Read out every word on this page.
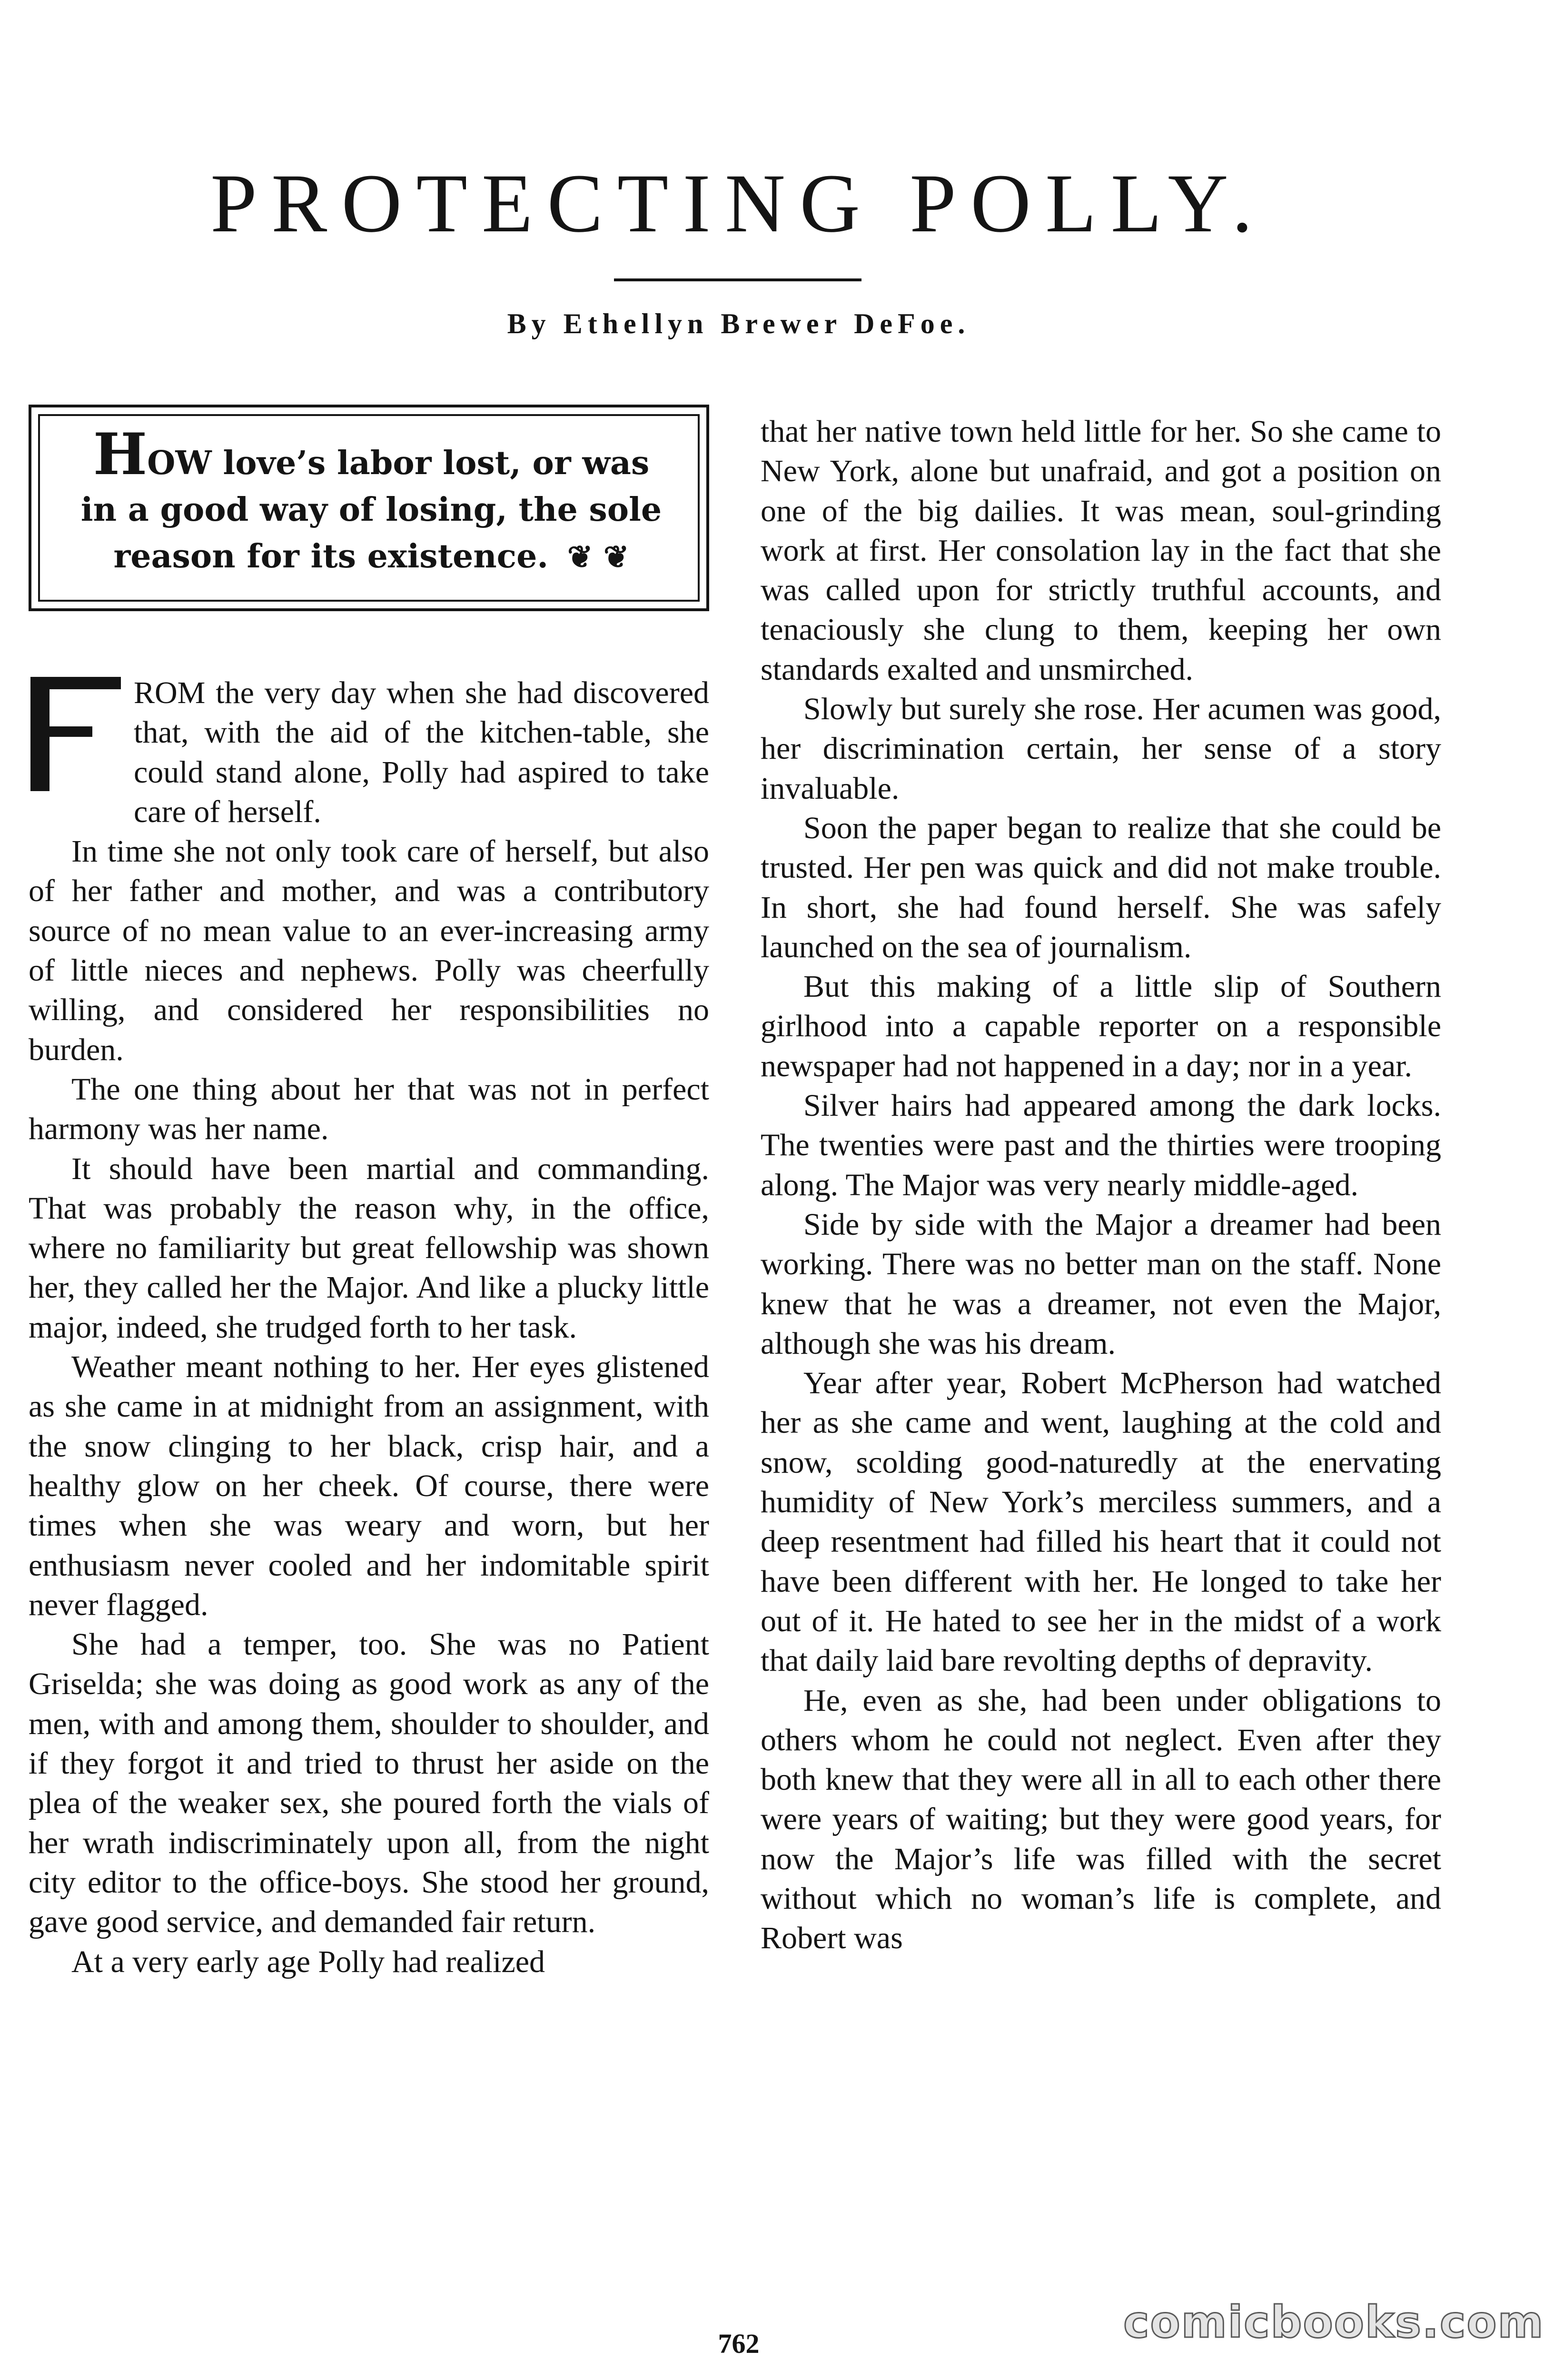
PROTECTING POLLY.
By Ethellyn Brewer DeFoe.
HOW love’s labor lost, or was in a good way of losing, the sole reason for its existence. ❦ ❦

ROM the very day when she had discovered that, with the aid of the kitchen-table, she could stand alone, Polly had aspired to take care of herself.

In time she not only took care of herself, but also of her father and mother, and was a contributory source of no mean value to an ever-increasing army of little nieces and nephews. Polly was cheerfully willing, and considered her responsibilities no burden.

The one thing about her that was not in perfect harmony was her name.

It should have been martial and commanding. That was probably the reason why, in the office, where no familiarity but great fellowship was shown her, they called her the Major. And like a plucky little major, indeed, she trudged forth to her task.

Weather meant nothing to her. Her eyes glistened as she came in at midnight from an assignment, with the snow clinging to her black, crisp hair, and a healthy glow on her cheek. Of course, there were times when she was weary and worn, but her enthusiasm never cooled and her indomitable spirit never flagged.

She had a temper, too. She was no Patient Griselda; she was doing as good work as any of the men, with and among them, shoulder to shoulder, and if they forgot it and tried to thrust her aside on the plea of the weaker sex, she poured forth the vials of her wrath indiscriminately upon all, from the night city editor to the office-boys. She stood her ground, gave good service, and demanded fair return.

At a very early age Polly had realized

that her native town held little for her. So she came to New York, alone but unafraid, and got a position on one of the big dailies. It was mean, soul-grinding work at first. Her consolation lay in the fact that she was called upon for strictly truthful accounts, and tenaciously she clung to them, keeping her own standards exalted and unsmirched.

Slowly but surely she rose. Her acumen was good, her discrimination certain, her sense of a story invaluable.

Soon the paper began to realize that she could be trusted. Her pen was quick and did not make trouble. In short, she had found herself. She was safely launched on the sea of journalism.

But this making of a little slip of Southern girlhood into a capable reporter on a responsible newspaper had not happened in a day; nor in a year.

Silver hairs had appeared among the dark locks. The twenties were past and the thirties were trooping along. The Major was very nearly middle-aged.

Side by side with the Major a dreamer had been working. There was no better man on the staff. None knew that he was a dreamer, not even the Major, although she was his dream.

Year after year, Robert McPherson had watched her as she came and went, laughing at the cold and snow, scolding good-naturedly at the enervating humidity of New York’s merciless summers, and a deep resentment had filled his heart that it could not have been different with her. He longed to take her out of it. He hated to see her in the midst of a work that daily laid bare revolting depths of depravity.

He, even as she, had been under obligations to others whom he could not neglect. Even after they both knew that they were all in all to each other there were years of waiting; but they were good years, for now the Major’s life was filled with the secret without which no woman’s life is complete, and Robert was

comicbooks.com
762
